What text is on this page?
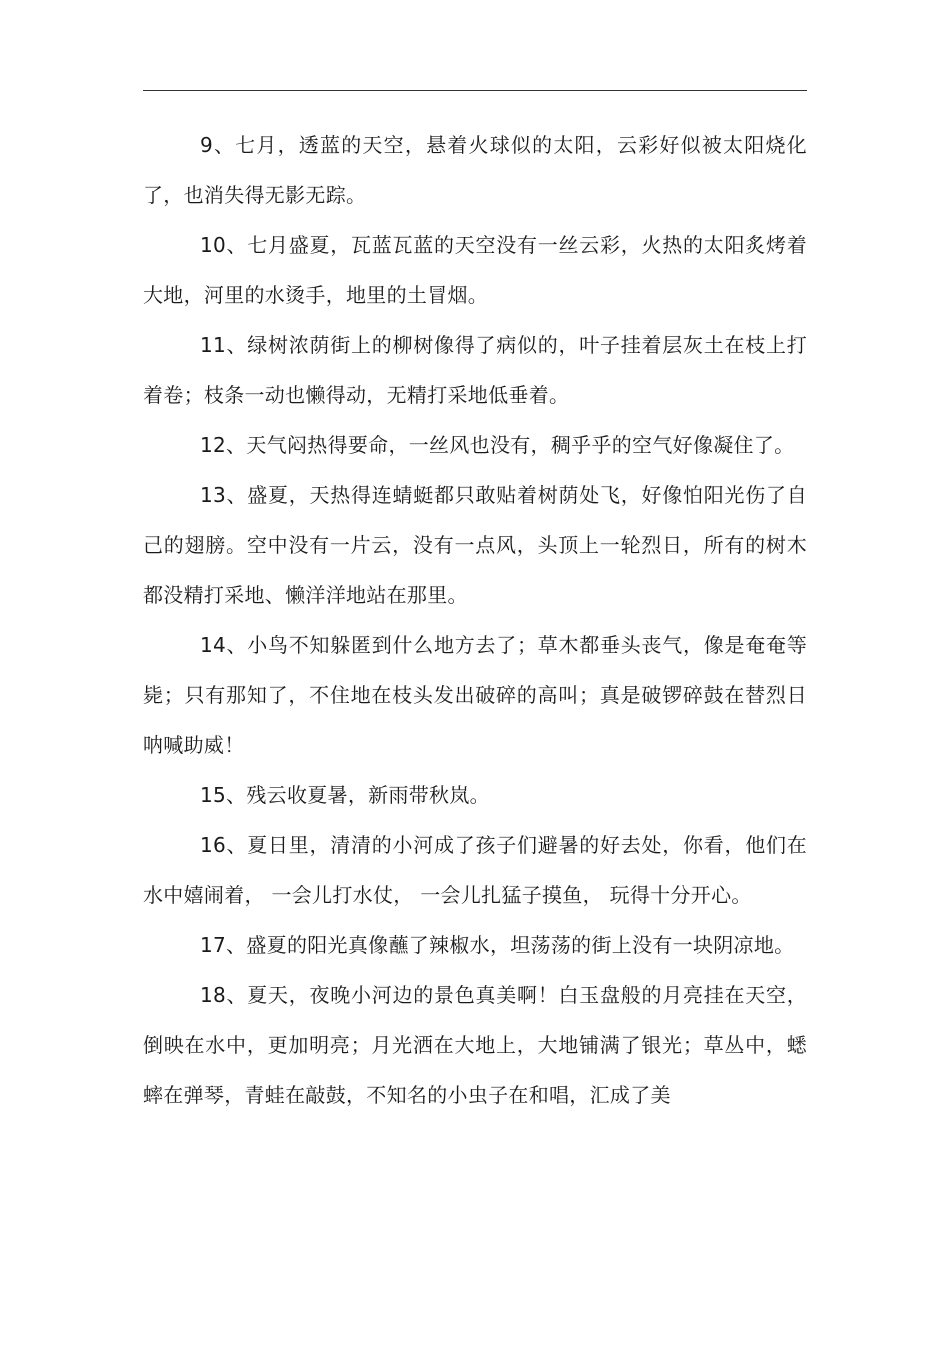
9、七月，透蓝的天空，悬着火球似的太阳，云彩好似被太阳烧化了，也消失得无影无踪。

10、七月盛夏，瓦蓝瓦蓝的天空没有一丝云彩，火热的太阳炙烤着大地，河里的水烫手，地里的土冒烟。

11、绿树浓荫街上的柳树像得了病似的，叶子挂着层灰土在枝上打着卷；枝条一动也懒得动，无精打采地低垂着。

12、天气闷热得要命，一丝风也没有，稠乎乎的空气好像凝住了。

13、盛夏，天热得连蜻蜓都只敢贴着树荫处飞，好像怕阳光伤了自己的翅膀。空中没有一片云，没有一点风，头顶上一轮烈日，所有的树木都没精打采地、懒洋洋地站在那里。

14、小鸟不知躲匿到什么地方去了；草木都垂头丧气，像是奄奄等毙；只有那知了，不住地在枝头发出破碎的高叫；真是破锣碎鼓在替烈日呐喊助威！

15、残云收夏暑，新雨带秋岚。

16、夏日里，清清的小河成了孩子们避暑的好去处，你看，他们在水中嬉闹着， 一会儿打水仗， 一会儿扎猛子摸鱼， 玩得十分开心。

17、盛夏的阳光真像蘸了辣椒水，坦荡荡的街上没有一块阴凉地。

18、夏天，夜晚小河边的景色真美啊！白玉盘般的月亮挂在天空，倒映在水中，更加明亮；月光洒在大地上，大地铺满了银光；草丛中，蟋蟀在弹琴，青蛙在敲鼓，不知名的小虫子在和唱，汇成了美
